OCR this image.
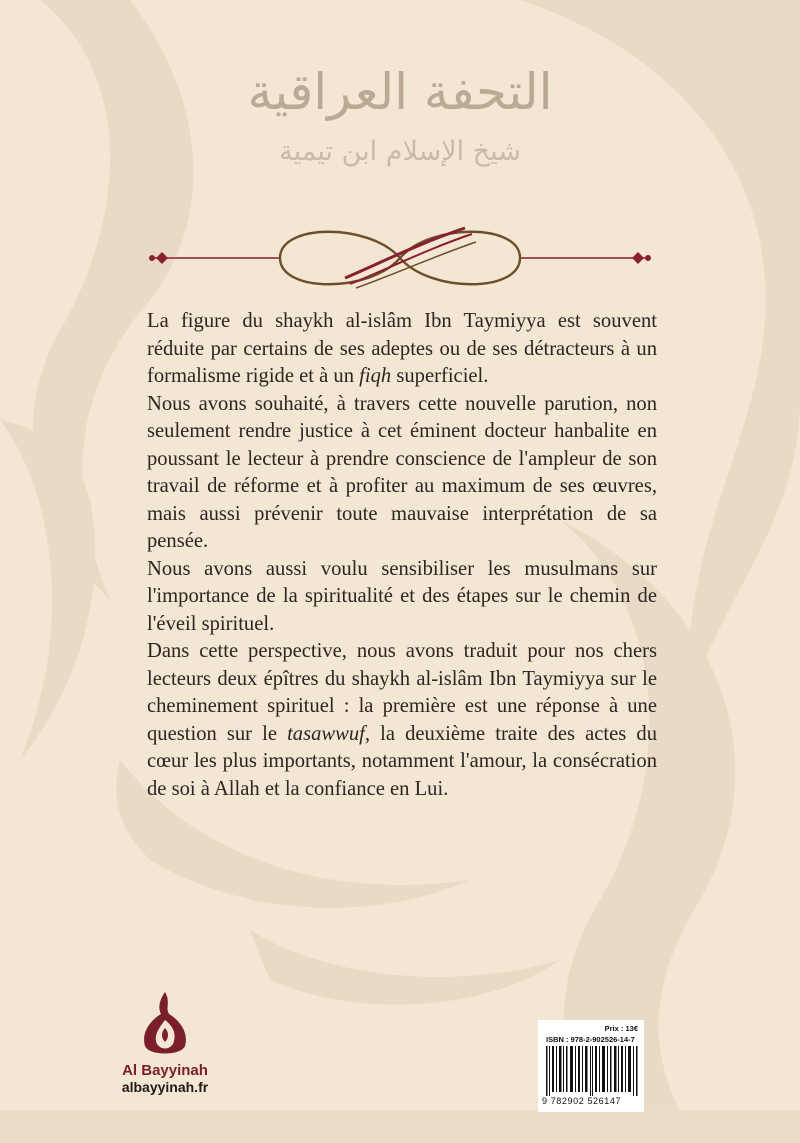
التحفة العراقية
شيخ الإسلام ابن تيمية

La figure du shaykh al-islâm Ibn Taymiyya est souvent réduite par certains de ses adeptes ou de ses détracteurs à un formalisme rigide et à un fiqh superficiel.

Nous avons souhaité, à travers cette nouvelle parution, non seulement rendre justice à cet éminent docteur hanbalite en poussant le lecteur à prendre conscience de l'ampleur de son travail de réforme et à profiter au maximum de ses œuvres, mais aussi prévenir toute mauvaise interprétation de sa pensée.

Nous avons aussi voulu sensibiliser les musulmans sur l'importance de la spiritualité et des étapes sur le chemin de l'éveil spirituel.

Dans cette perspective, nous avons traduit pour nos chers lecteurs deux épîtres du shaykh al-islâm Ibn Taymiyya sur le cheminement spirituel : la première est une réponse à une question sur le tasawwuf, la deuxième traite des actes du cœur les plus importants, notamment l'amour, la consécration de soi à Allah et la confiance en Lui.

Al Bayyinah
albayyinah.fr
Prix : 13€
ISBN : 978-2-902526-14-7
9 782902 526147
